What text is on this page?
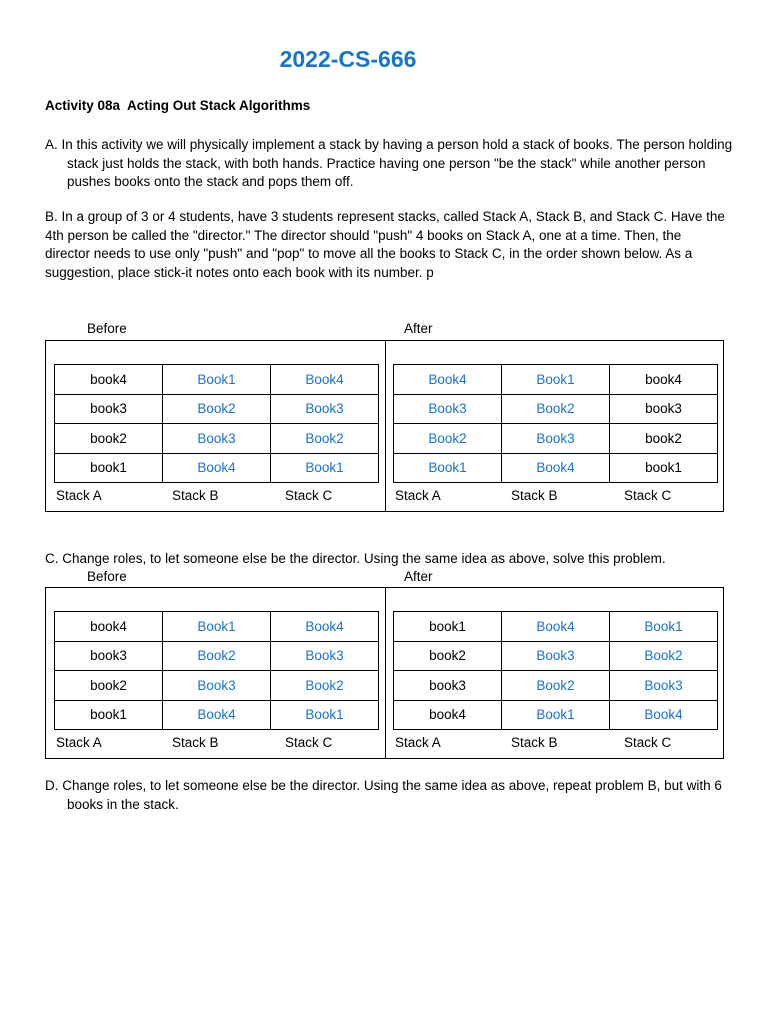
2022-CS-666
Activity 08a  Acting Out Stack Algorithms
A. In this activity we will physically implement a stack by having a person hold a stack of books. The person holding stack just holds the stack, with both hands. Practice having one person "be the stack" while another person pushes books onto the stack and pops them off.
B. In a group of 3 or 4 students, have 3 students represent stacks, called Stack A, Stack B, and Stack C. Have the 4th person be called the "director." The director should "push" 4 books on Stack A, one at a time. Then, the director needs to use only "push" and "pop" to move all the books to Stack C, in the order shown below. As a suggestion, place stick-it notes onto each book with its number. p
Before	After
book4	Book1	Book4
book3	Book2	Book3
book2	Book3	Book2
book1	Book4	Book1
Book4	Book1	book4
Book3	Book2	book3
Book2	Book3	book2
Book1	Book4	book1
Stack A	Stack B	Stack C	Stack A	Stack B	Stack C
C. Change roles, to let someone else be the director. Using the same idea as above, solve this problem.
Before	After
book4	Book1	Book4
book3	Book2	Book3
book2	Book3	Book2
book1	Book4	Book1
book1	Book4	Book1
book2	Book3	Book2
book3	Book2	Book3
book4	Book1	Book4
Stack A	Stack B	Stack C	Stack A	Stack B	Stack C
D. Change roles, to let someone else be the director. Using the same idea as above, repeat problem B, but with 6 books in the stack.
